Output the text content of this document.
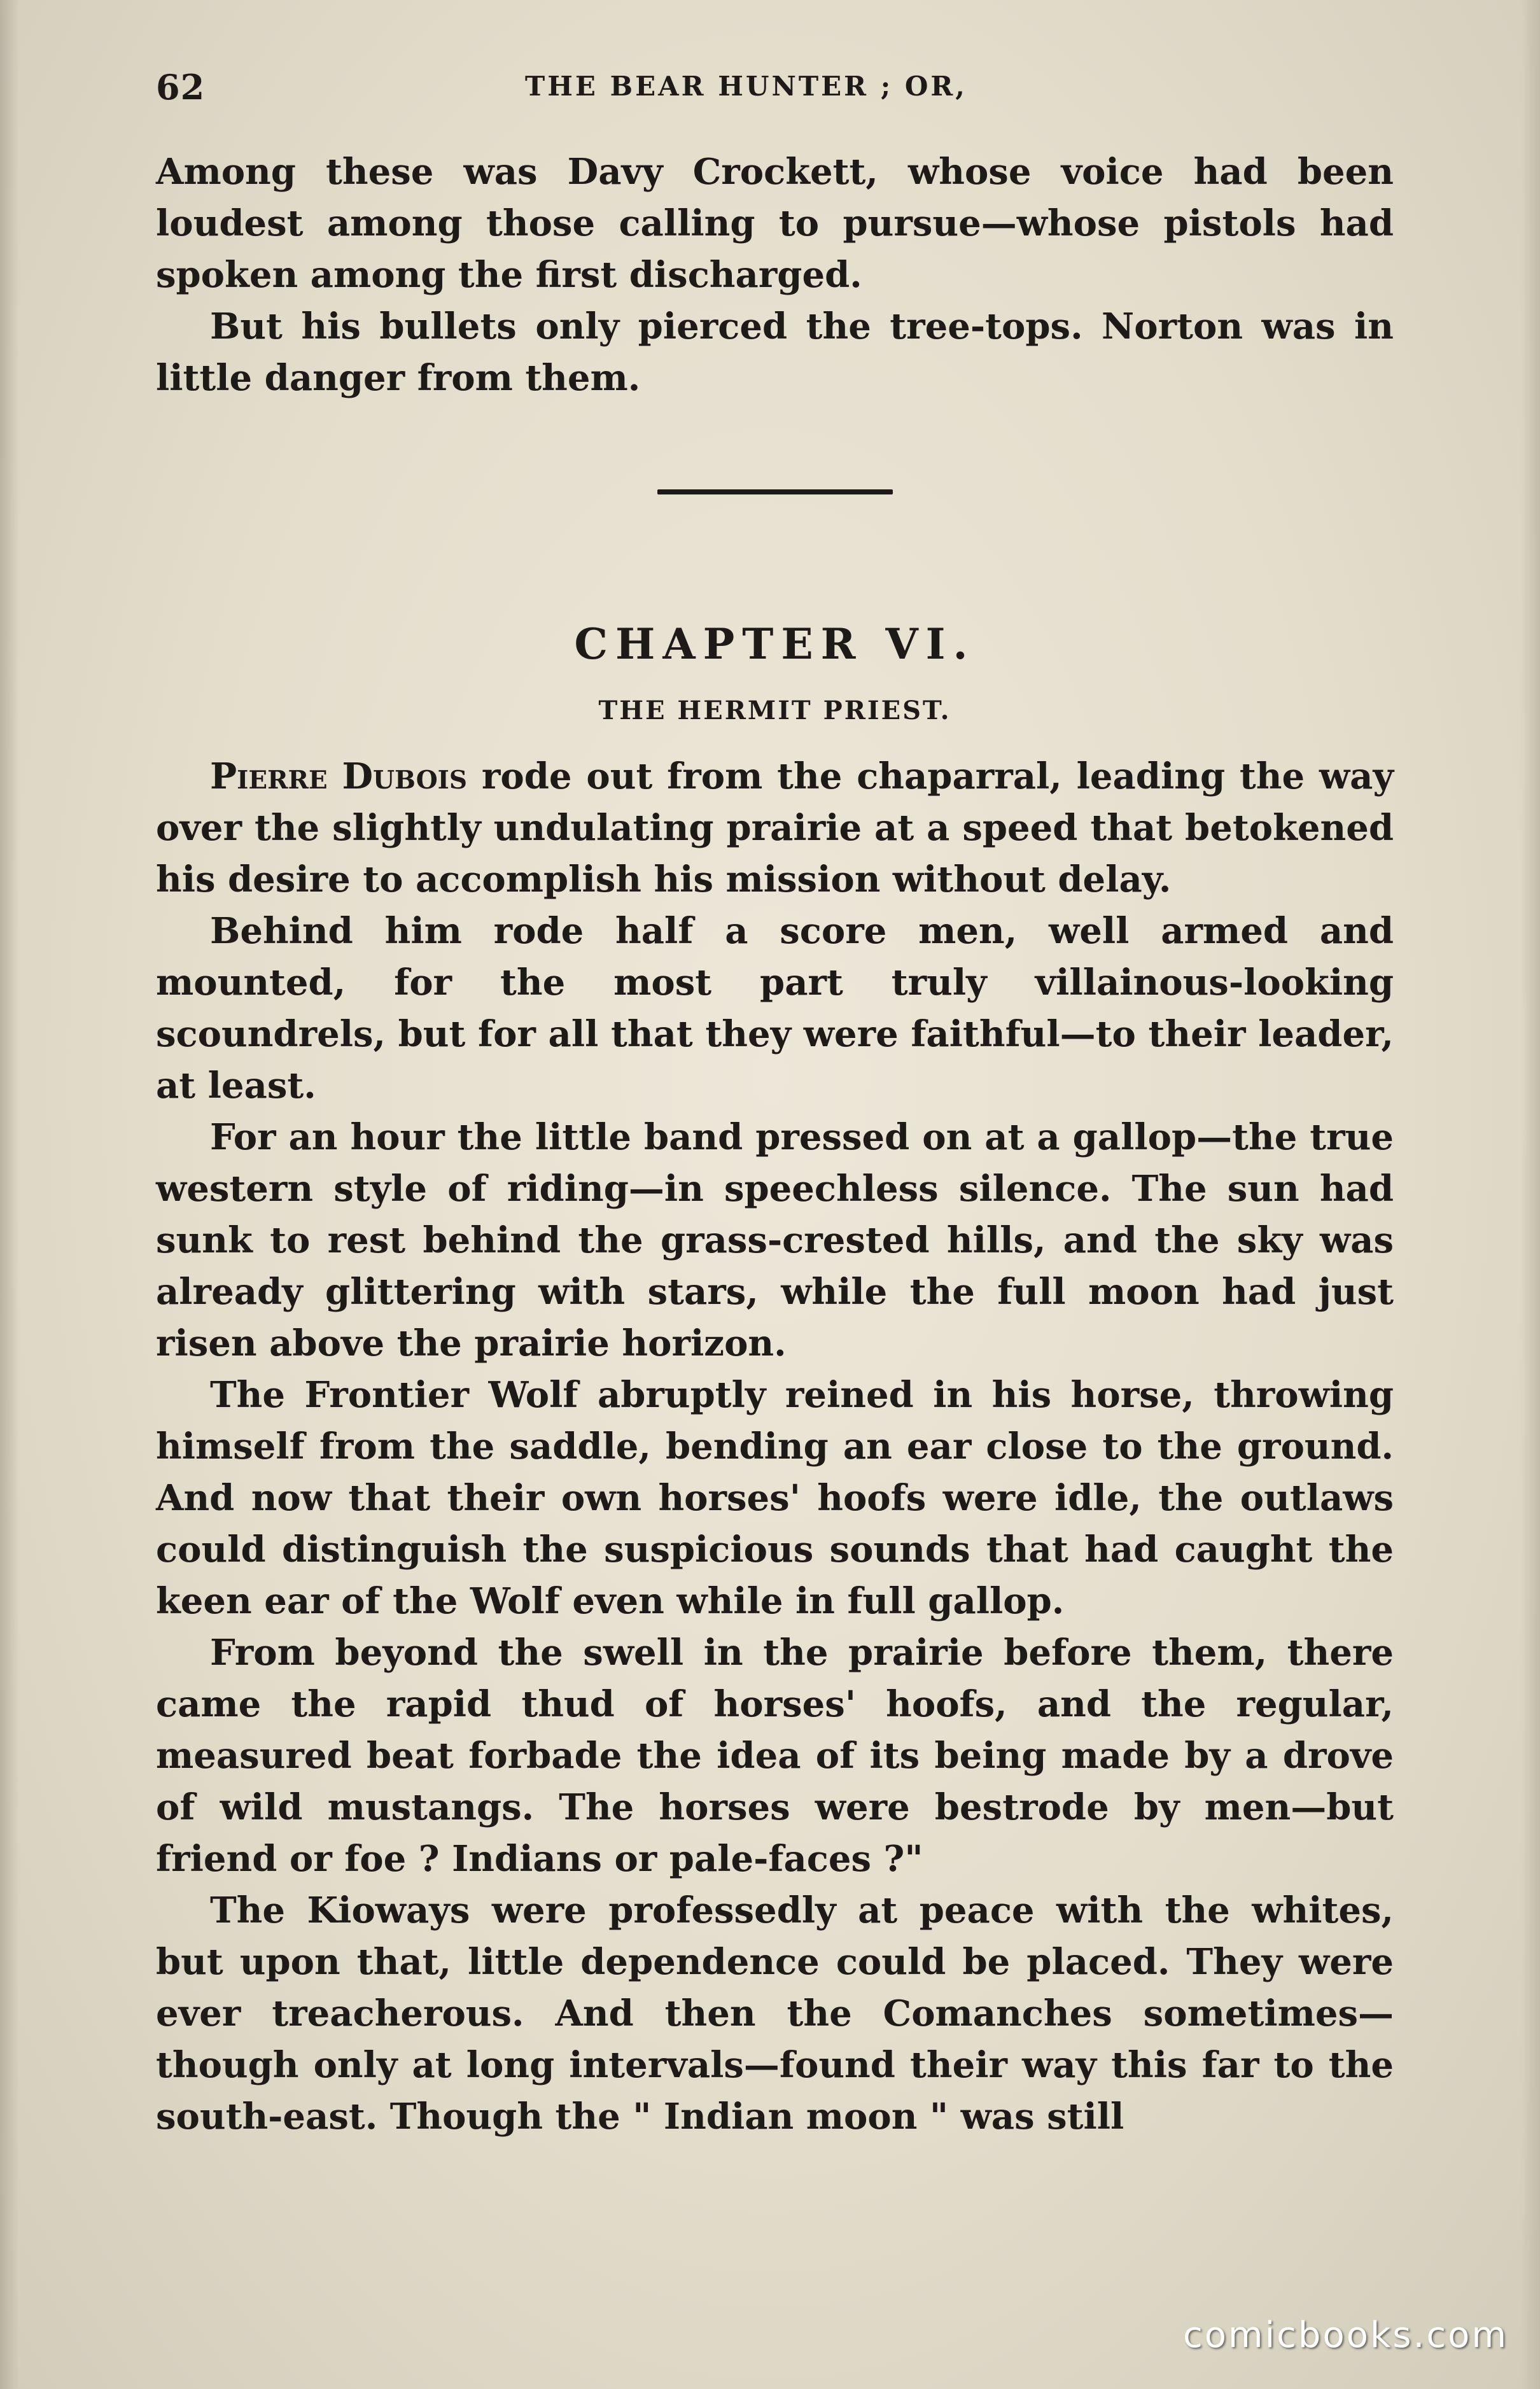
62	THE BEAR HUNTER ; OR,

Among these was Davy Crockett, whose voice had been loudest among those calling to pursue—whose pistols had spoken among the first discharged.

But his bullets only pierced the tree-tops. Norton was in little danger from them.

CHAPTER VI.
THE HERMIT PRIEST.

Pierre Dubois rode out from the chaparral, leading the way over the slightly undulating prairie at a speed that betokened his desire to accomplish his mission without delay.

Behind him rode half a score men, well armed and mounted, for the most part truly villainous-looking scoundrels, but for all that they were faithful—to their leader, at least.

For an hour the little band pressed on at a gallop—the true western style of riding—in speechless silence. The sun had sunk to rest behind the grass-crested hills, and the sky was already glittering with stars, while the full moon had just risen above the prairie horizon.

The Frontier Wolf abruptly reined in his horse, throwing himself from the saddle, bending an ear close to the ground. And now that their own horses' hoofs were idle, the outlaws could distinguish the suspicious sounds that had caught the keen ear of the Wolf even while in full gallop.

From beyond the swell in the prairie before them, there came the rapid thud of horses' hoofs, and the regular, measured beat forbade the idea of its being made by a drove of wild mustangs. The horses were bestrode by men—but friend or foe ? Indians or pale-faces ?"

The Kioways were professedly at peace with the whites, but upon that, little dependence could be placed. They were ever treacherous. And then the Comanches sometimes—though only at long intervals—found their way this far to the south-east. Though the " Indian moon " was still

comicbooks.com
